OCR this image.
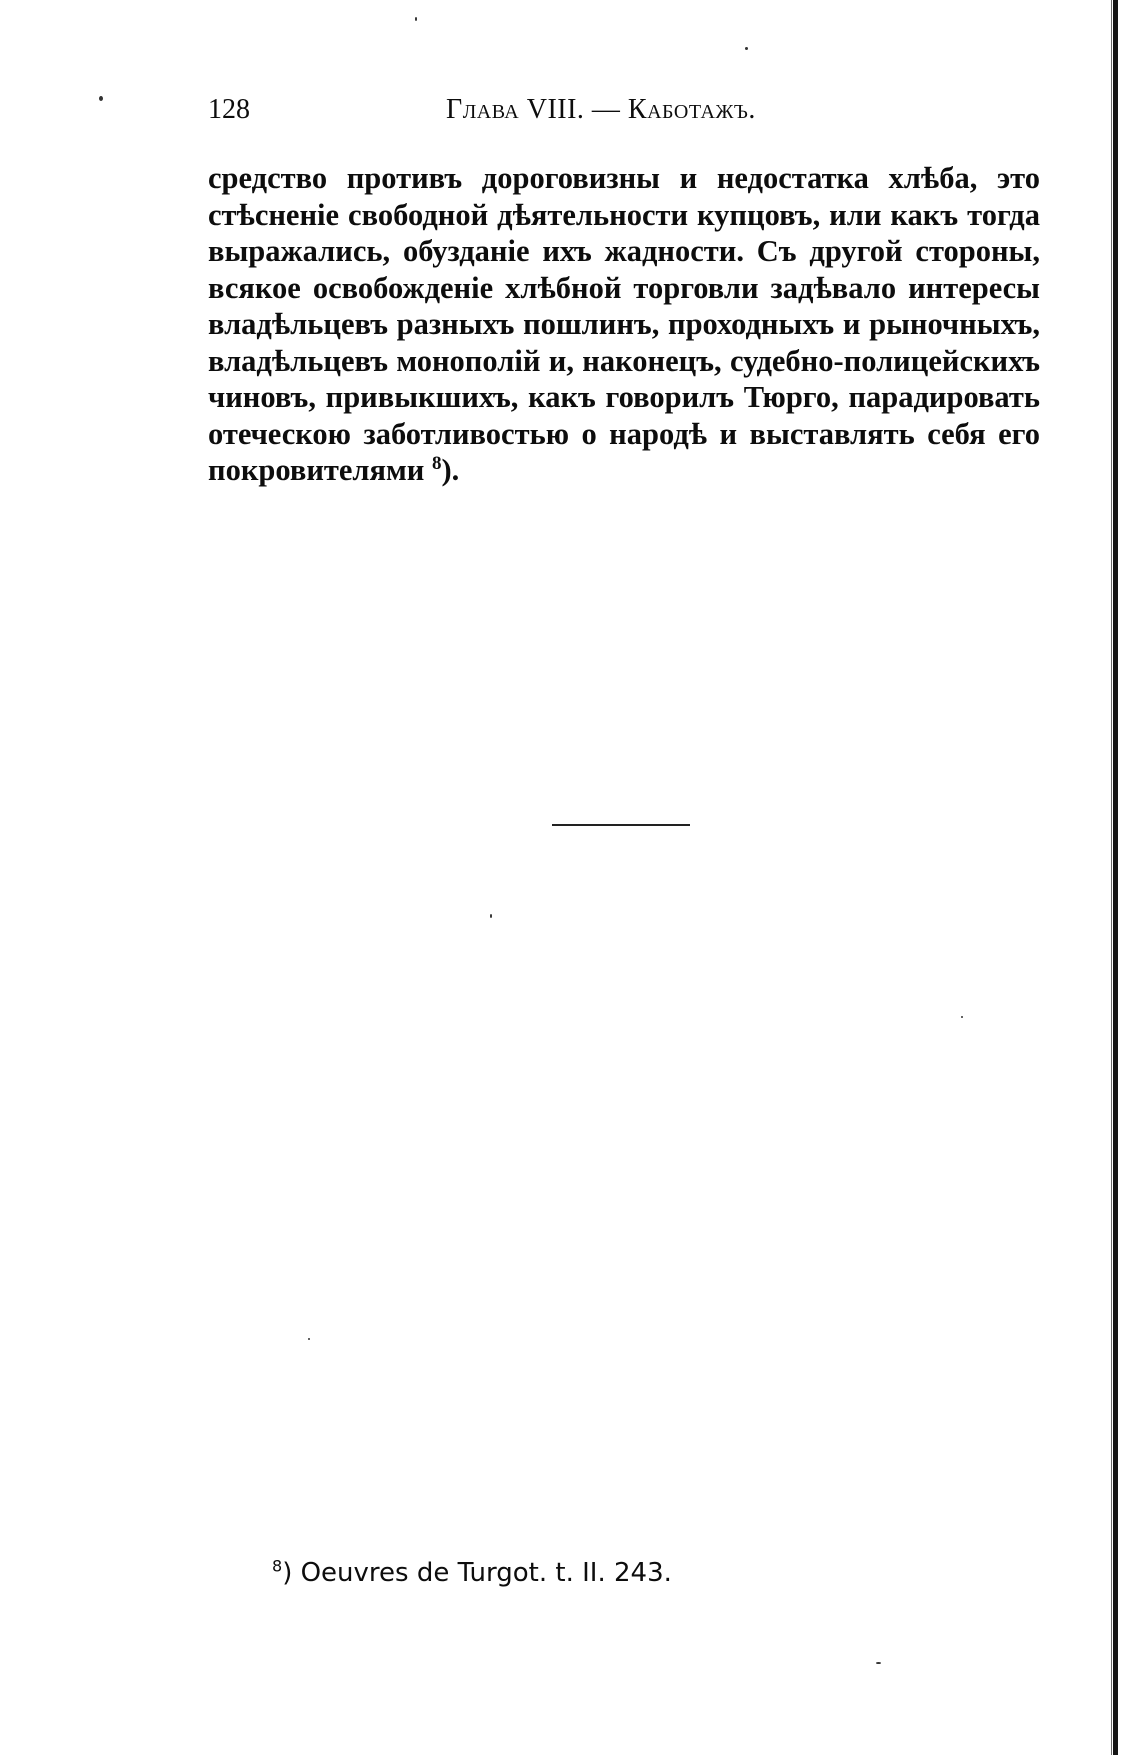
128	Глава VIII. — Каботажъ.
средство противъ дороговизны и недостатка хлѣба, это
стѣсненіе свободной дѣятельности купцовъ, или какъ тогда
выражались, обузданіе ихъ жадности. Съ другой стороны,
всякое освобожденіе хлѣбной торговли задѣвало интересы
владѣльцевъ разныхъ пошлинъ, проходныхъ и рыночныхъ,
владѣльцевъ монополій и, наконецъ, судебно-полицейскихъ
чиновъ, привыкшихъ, какъ говорилъ Тюрго, парадировать
отеческою заботливостью о народѣ и выставлять себя его
покровителями $^8$).
$^8$) Oeuvres de Turgot. t. II. 243.
